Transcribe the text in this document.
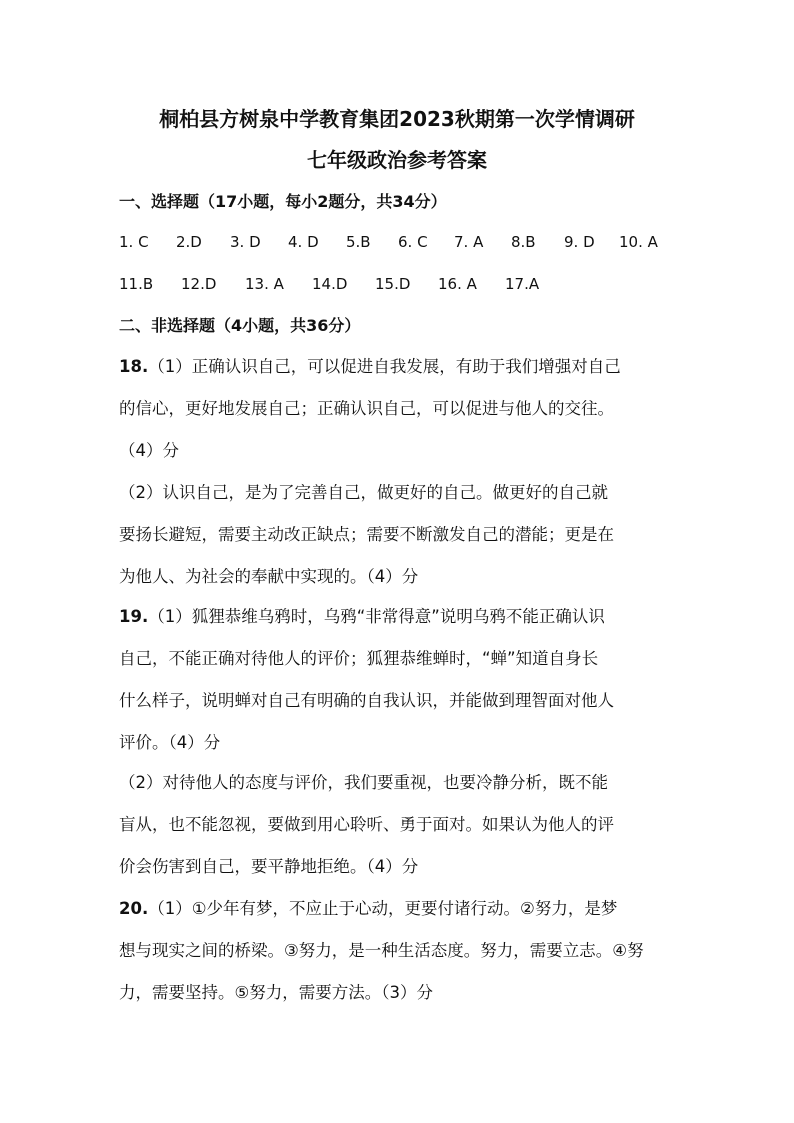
桐柏县方树泉中学教育集团2023秋期第一次学情调研
七年级政治参考答案
一、选择题（17小题，每小2题分，共34分）
1. C 2.D 3. D 4. D 5.B 6. C 7. A 8.B 9. D 10. A
11.B 12.D 13. A 14.D 15.D 16. A 17.A
二、非选择题（4小题，共36分）
18.（1）正确认识自己，可以促进自我发展，有助于我们增强对自己
的信心，更好地发展自己；正确认识自己，可以促进与他人的交往。
（4）分
（2）认识自己，是为了完善自己，做更好的自己。做更好的自己就
要扬长避短，需要主动改正缺点；需要不断激发自己的潜能；更是在
为他人、为社会的奉献中实现的。（4）分
19.（1）狐狸恭维乌鸦时，乌鸦“非常得意”说明乌鸦不能正确认识
自己，不能正确对待他人的评价；狐狸恭维蝉时，“蝉”知道自身长
什么样子，说明蝉对自己有明确的自我认识，并能做到理智面对他人
评价。（4）分
（2）对待他人的态度与评价，我们要重视，也要冷静分析，既不能
盲从，也不能忽视，要做到用心聆听、勇于面对。如果认为他人的评
价会伤害到自己，要平静地拒绝。（4）分
20.（1）①少年有梦，不应止于心动，更要付诸行动。②努力，是梦
想与现实之间的桥梁。③努力，是一种生活态度。努力，需要立志。④努
力，需要坚持。⑤努力，需要方法。（3）分
